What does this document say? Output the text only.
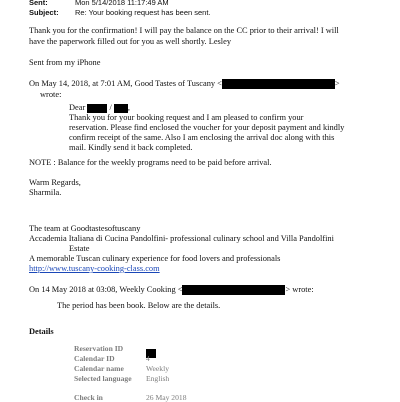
Sent:	Mon 5/14/2018 11:17:49 AM
Subject: Re: Your booking request has been sent.
Thank you for the confirmation! I will pay the balance on the CC prior to their arrival! I will
have the paperwork filled out for you as well shortly. Lesley
Sent from my iPhone
On May 14, 2018, at 7:01 AM, Good Tastes of Tuscany <	>
wrote:
Dear	/ ,
Thank you for your booking request and I am pleased to confirm your
reservation. Please find enclosed the voucher for your deposit payment and kindly
confirm receipt of the same. Also I am enclosing the arrival doc along with this
mail. Kindly send it back completed.
NOTE : Balance for the weekly programs need to be paid before arrival.
Warm Regards,
Sharmila.
The team at Goodtastesoftuscany
Accademia Italiana di Cucina Pandolfini- professional culinary school and Villa Pandolfini
Estate
A memorable Tuscan culinary experience for food lovers and professionals
http://www.tuscany-cooking-class.com
On 14 May 2018 at 03:08, Weekly Cooking <	> wrote:
The period has been book. Below are the details.
Details
Reservation ID
Calendar ID	4
Calendar name	Weekly
Selected language English
Check in	26 May 2018
